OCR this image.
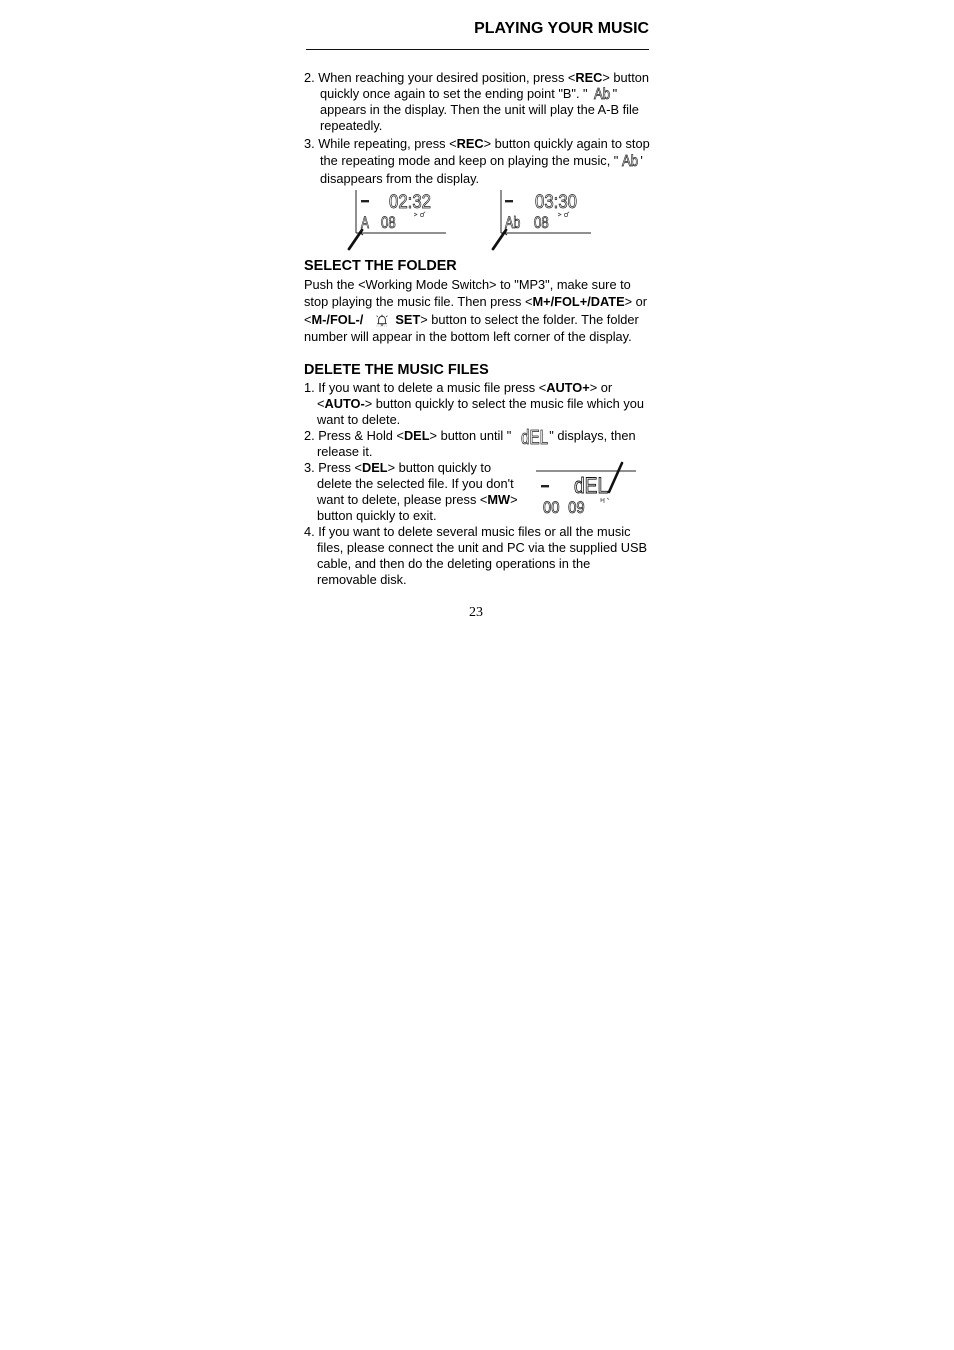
PLAYING YOUR MUSIC
2. When reaching your desired position, press <REC> button
quickly once again to set the ending point "B". " Ab "
appears in the display. Then the unit will play the A-B file
repeatedly.
3. While repeating, press <REC> button quickly again to stop
the repeating mode and keep on playing the music, " Ab '
disappears from the display.
02:32
A 08
03:30
Ab 08
SELECT THE FOLDER
Push the <Working Mode Switch> to "MP3", make sure to
stop playing the music file. Then press <M+/FOL+/DATE> or
<M-/FOL-/	SET> button to select the folder. The folder
number will appear in the bottom left corner of the display.
DELETE THE MUSIC FILES
1. If you want to delete a music file press <AUTO+> or
<AUTO-> button quickly to select the music file which you
want to delete.
2. Press & Hold <DEL> button until " dEL " displays, then
release it.
3. Press <DEL> button quickly to
delete the selected file. If you don't
want to delete, please press <MW>
button quickly to exit.
dEL
00 09
4. If you want to delete several music files or all the music
files, please connect the unit and PC via the supplied USB
cable, and then do the deleting operations in the
removable disk.
23
